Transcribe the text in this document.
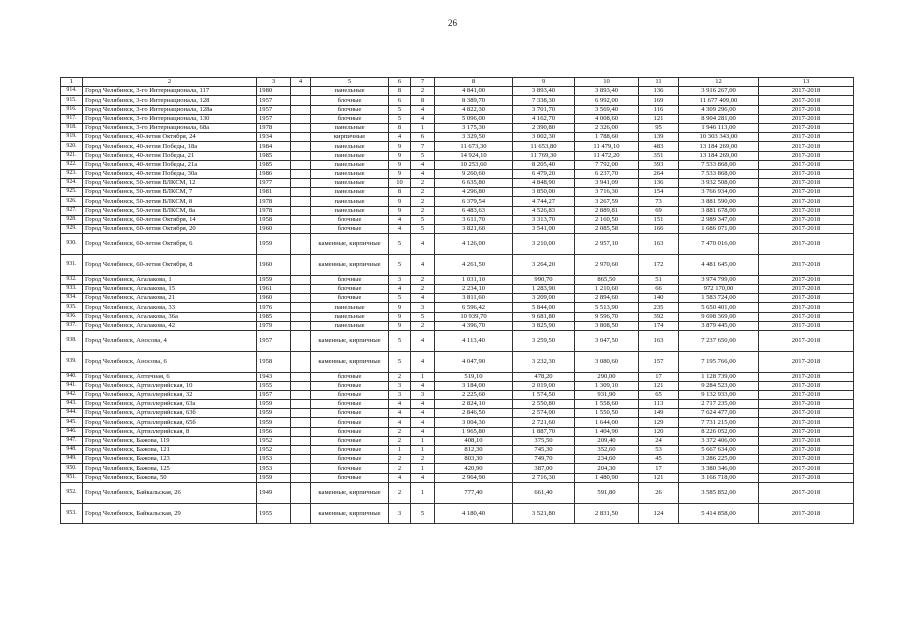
26
1	2	3	4	5	6	7	8	9	10	11	12	13
914.	Город Челябинск, 3-го Интернационала, 117	1980		панельные	8	2	4 841,00	3 893,40	3 893,40	136	3 916 267,00	2017-2018
915.	Город Челябинск, 3-го Интернационала, 128	1957		блочные	6	8	8 389,70	7 338,30	6 992,00	169	11 677 409,00	2017-2018
916.	Город Челябинск, 3-го Интернационала, 128а	1957		блочные	5	4	4 822,30	3 701,70	3 569,40	116	4 309 296,00	2017-2018
917.	Город Челябинск, 3-го Интернационала, 130	1957		блочные	5	4	5 096,00	4 162,70	4 008,60	121	8 904 281,00	2017-2018
918.	Город Челябинск, 3-го Интернационала, 68а	1978		панельные	8	1	3 175,30	2 390,80	2 326,00	95	1 946 113,00	2017-2018
919.	Город Челябинск, 40-летия Октября, 24	1934		кирпичные	4	6	3 329,50	3 002,30	1 788,60	139	10 303 343,00	2017-2018
920.	Город Челябинск, 40-летия Победы, 18а	1984		панельные	9	7	11 673,30	11 653,80	11 479,10	483	13 184 269,00	2017-2018
921.	Город Челябинск, 40-летия Победы, 21	1985		панельные	9	5	14 924,10	11 769,30	11 472,20	351	13 184 269,00	2017-2018
922.	Город Челябинск, 40-летия Победы, 21а	1985		панельные	9	4	10 253,60	8 205,40	7 792,00	393	7 533 868,00	2017-2018
923.	Город Челябинск, 40-летия Победы, 30а	1986		панельные	9	4	9 260,60	6 479,20	6 237,70	264	7 533 868,00	2017-2018
924.	Город Челябинск, 50-летия ВЛКСМ, 12	1977		панельные	10	2	6 635,80	4 848,90	3 941,09	136	3 932 508,00	2017-2018
925.	Город Челябинск, 50-летия ВЛКСМ, 7	1981		панельные	8	2	4 296,80	3 850,00	3 716,30	154	3 766 934,00	2017-2018
926.	Город Челябинск, 50-летия ВЛКСМ, 8	1978		панельные	9	2	6 379,54	4 744,27	3 267,59	73	3 881 590,00	2017-2018
927.	Город Челябинск, 50-летия ВЛКСМ, 8а	1978		панельные	9	2	6 483,63	4 526,83	2 889,81	69	3 881 678,00	2017-2018
928.	Город Челябинск, 60-летия Октября, 14	1958		блочные	4	5	3 611,70	3 313,70	2 160,50	151	2 989 347,00	2017-2018
929.	Город Челябинск, 60-летия Октября, 20	1960		блочные	4	5	3 821,60	3 541,00	2 085,58	166	1 686 071,00	2017-2018
930.	Город Челябинск, 60-летия Октября, 6	1959		каменные, кирпичные	5	4	4 126,00	3 210,00	2 957,10	163	7 470 016,00	2017-2018
931.	Город Челябинск, 60-летия Октября, 8	1960		каменные, кирпичные	5	4	4 261,50	3 264,20	2 970,60	172	4 481 645,00	2017-2018
932.	Город Челябинск, Агалакова, 1	1959		блочные	3	2	1 031,10	990,70	865,50	51	3 974 799,00	2017-2018
933.	Город Челябинск, Агалакова, 15	1961		блочные	4	2	2 234,10	1 283,90	1 210,60	66	972 170,00	2017-2018
934.	Город Челябинск, Агалакова, 21	1960		блочные	5	4	3 811,60	3 209,00	2 894,60	140	1 583 724,00	2017-2018
935.	Город Челябинск, Агалакова, 33	1976		панельные	9	3	6 596,42	5 844,00	5 513,90	235	5 650 401,00	2017-2018
936.	Город Челябинск, Агалакова, 36а	1985		панельные	9	5	10 939,70	9 681,80	9 596,70	392	9 698 369,00	2017-2018
937.	Город Челябинск, Агалакова, 42	1979		панельные	9	2	4 396,70	3 825,90	3 808,50	174	3 879 445,00	2017-2018
938.	Город Челябинск, Аносова, 4	1957		каменные, кирпичные	5	4	4 113,40	3 259,50	3 047,50	163	7 237 650,00	2017-2018
939.	Город Челябинск, Аносова, 6	1958		каменные, кирпичные	5	4	4 047,90	3 232,30	3 080,60	157	7 195 766,00	2017-2018
940.	Город Челябинск, Аптечная, 6	1943		блочные	2	1	519,10	478,20	290,00	17	1 128 739,00	2017-2018
941.	Город Челябинск, Артиллерийская, 10	1955		блочные	3	4	3 184,00	2 019,00	1 309,10	121	9 284 523,00	2017-2018
942.	Город Челябинск, Артиллерийская, 32	1957		блочные	3	3	2 225,60	1 574,50	931,90	65	9 132 933,00	2017-2018
943.	Город Челябинск, Артиллерийская, 63а	1959		блочные	4	4	2 824,10	2 550,80	1 558,60	113	2 717 235,00	2017-2018
944.	Город Челябинск, Артиллерийская, 63б	1959		блочные	4	4	2 846,50	2 574,00	1 550,50	149	7 624 477,00	2017-2018
945.	Город Челябинск, Артиллерийская, 65б	1959		блочные	4	4	3 004,30	2 721,60	1 644,00	129	7 731 215,00	2017-2018
946.	Город Челябинск, Артиллерийская, 8	1956		блочные	2	4	1 965,80	1 887,70	1 404,90	120	8 226 052,00	2017-2018
947.	Город Челябинск, Бажова, 119	1952		блочные	2	1	408,10	375,50	209,40	24	3 372 406,00	2017-2018
948.	Город Челябинск, Бажова, 121	1952		блочные	1	1	812,30	745,30	352,60	53	5 667 634,00	2017-2018
949.	Город Челябинск, Бажова, 123	1953		блочные	2	2	803,30	749,70	234,60	45	3 286 225,00	2017-2018
950.	Город Челябинск, Бажова, 125	1953		блочные	2	1	420,90	387,00	204,30	17	3 380 346,00	2017-2018
951.	Город Челябинск, Бажова, 50	1959		блочные	4	4	2 964,90	2 716,30	1 480,90	121	3 166 718,00	2017-2018
952.	Город Челябинск, Байкальская, 26	1949		каменные, кирпичные	2	1	777,40	661,40	591,80	26	3 585 852,00	2017-2018
953.	Город Челябинск, Байкальская, 29	1955		каменные, кирпичные	3	5	4 180,40	3 521,80	2 831,50	124	5 414 858,00	2017-2018
